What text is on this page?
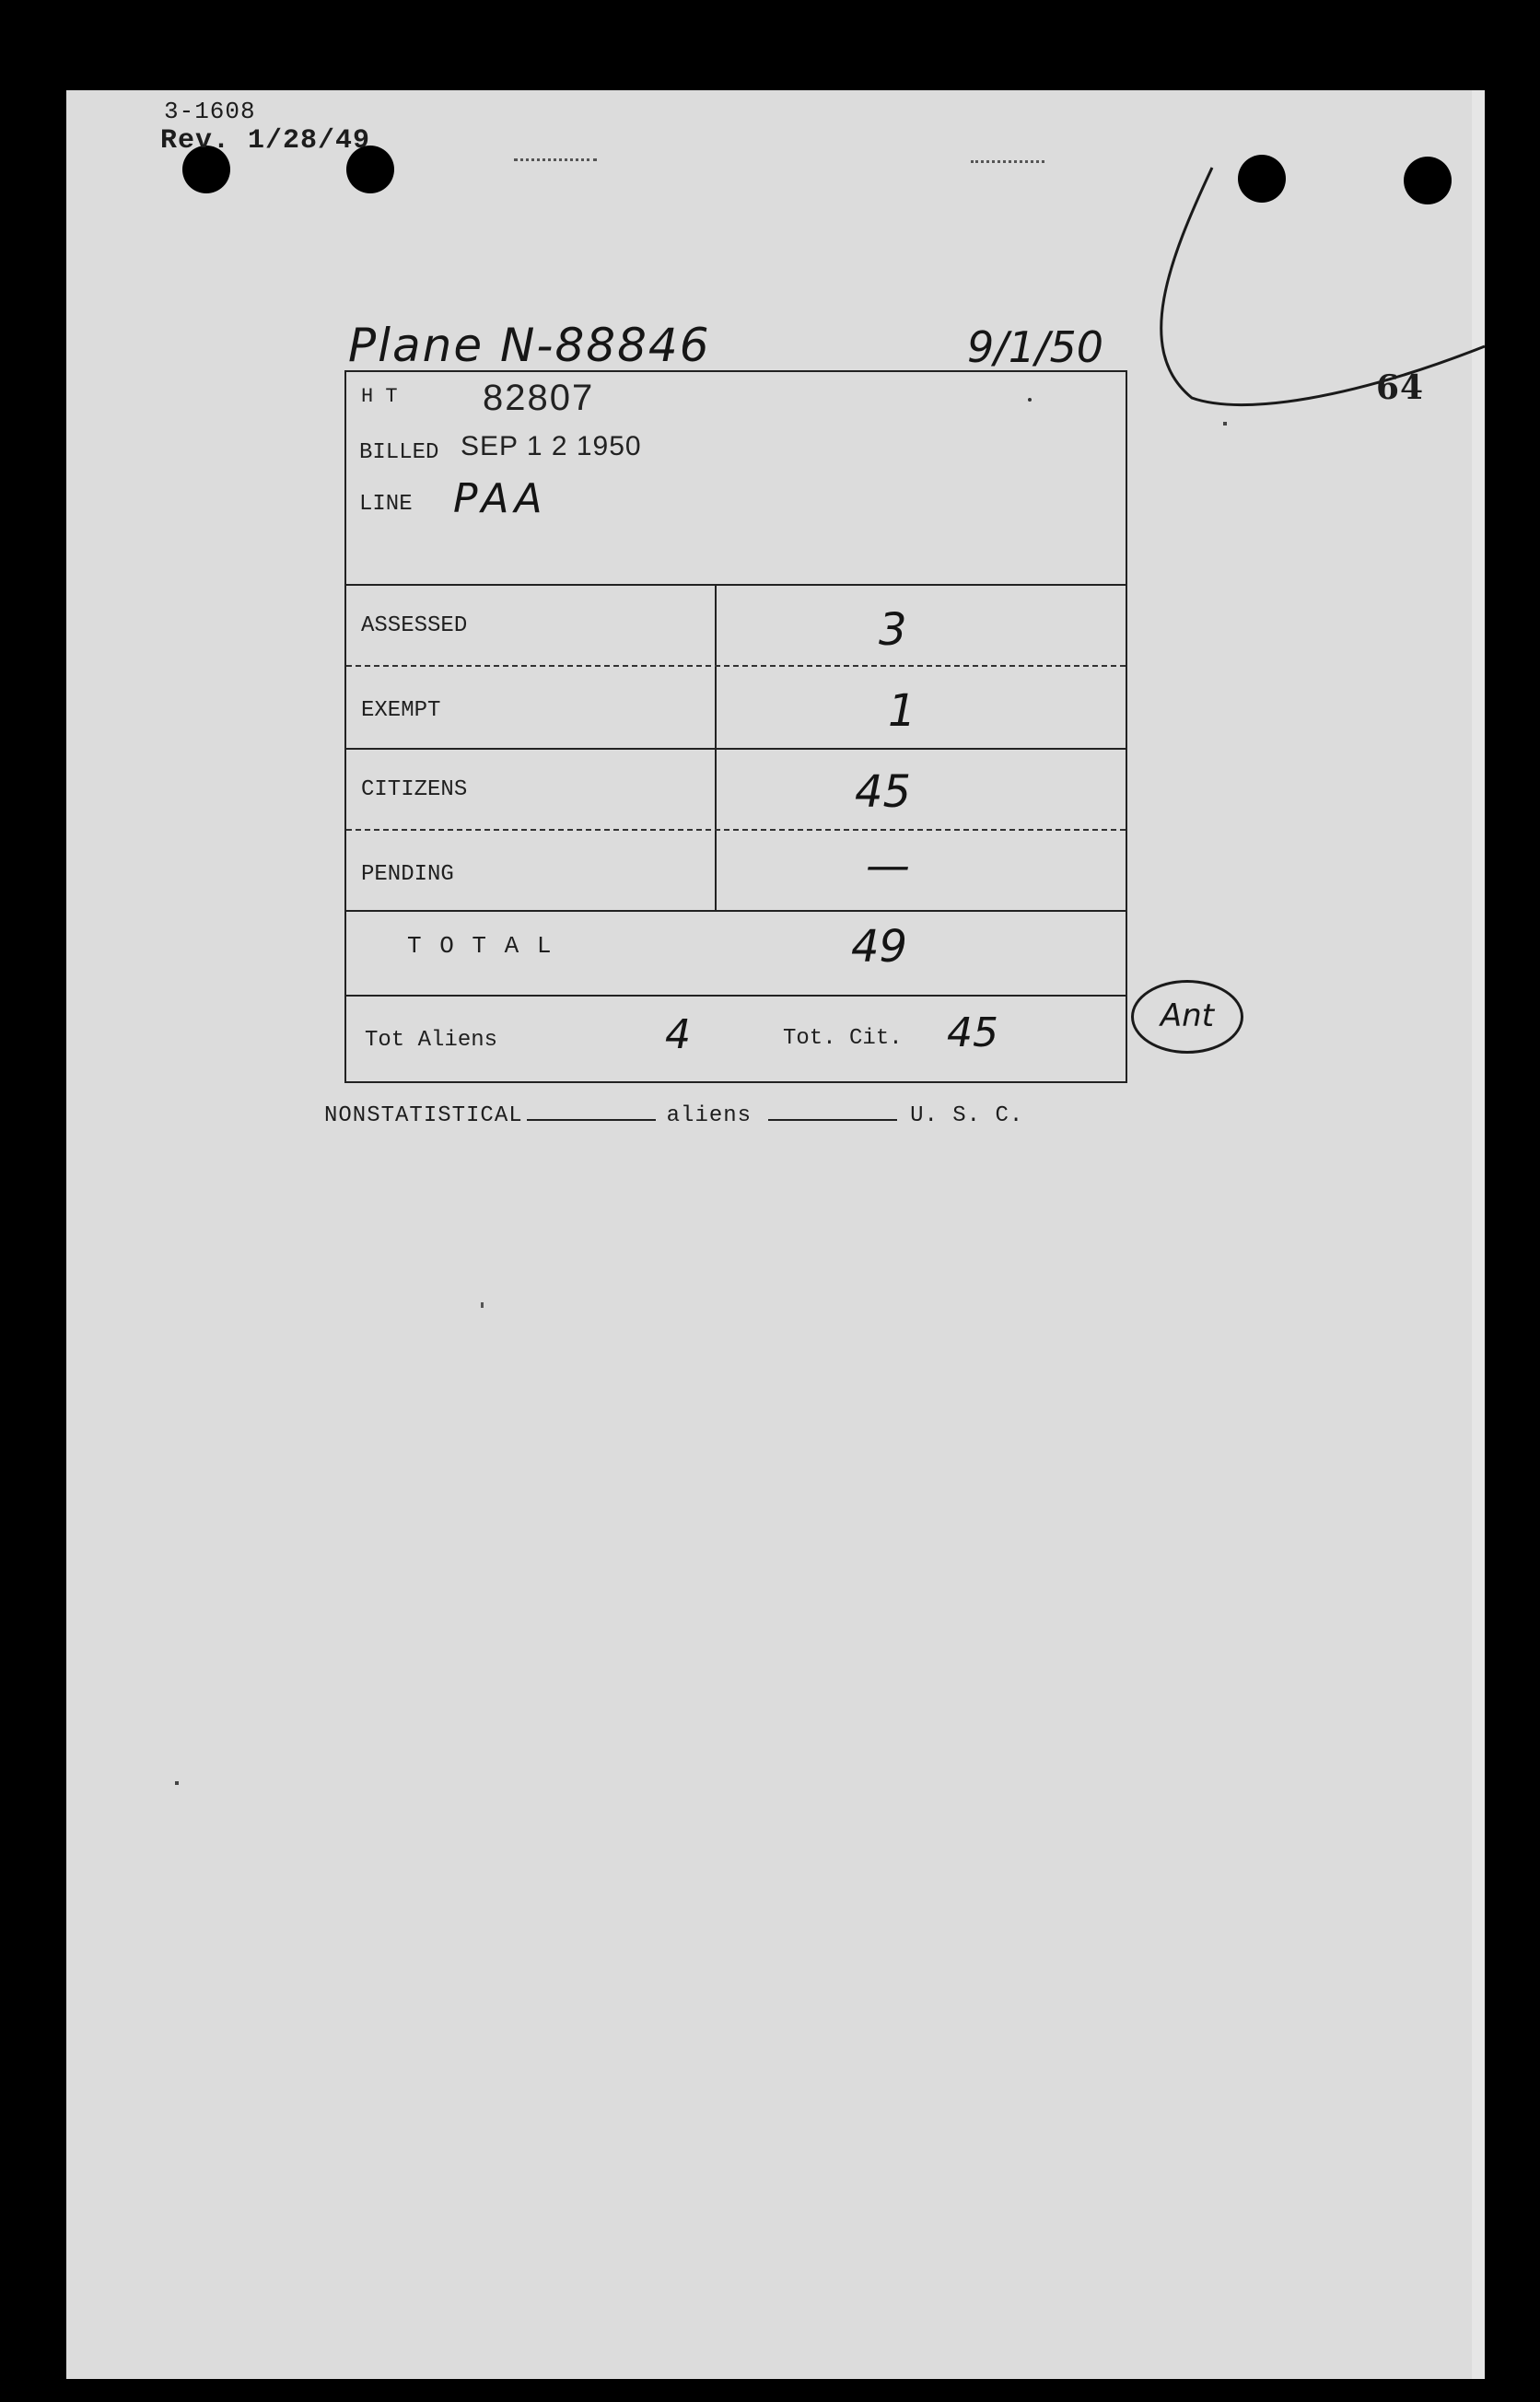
3-1608
Rev. 1/28/49
Plane N-88846	9/1/50
64
H T 82807
BILLED SEP 1 2 1950
LINE PAA
ASSESSED	3
EXEMPT	1
CITIZENS	45
PENDING	—
T O T A L	49
Tot Aliens	4	Tot. Cit. 45	Ant
NONSTATISTICAL	aliens	U. S. C.
